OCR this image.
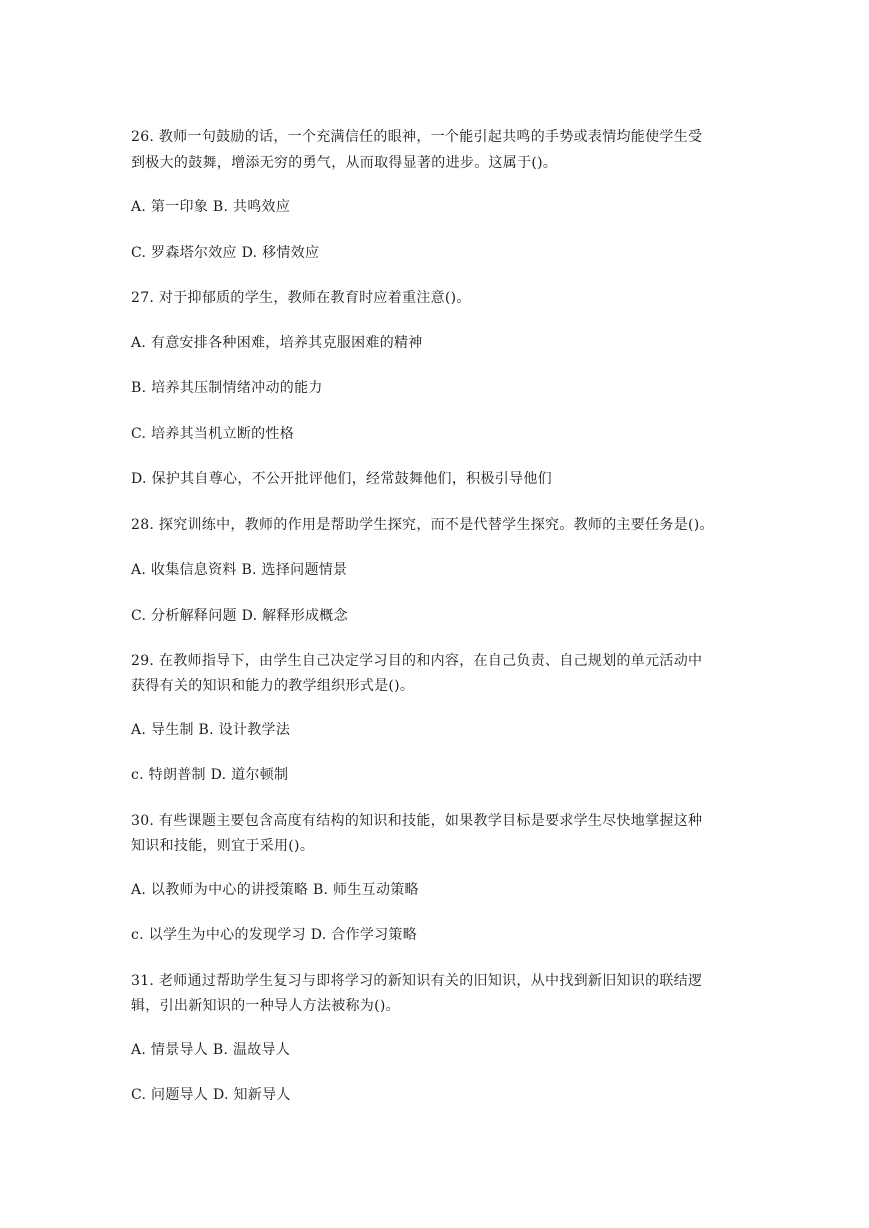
26. 教师一句鼓励的话，一个充满信任的眼神，一个能引起共鸣的手势或表情均能使学生受
到极大的鼓舞，增添无穷的勇气，从而取得显著的进步。这属于()。
A. 第一印象 B. 共鸣效应
C. 罗森塔尔效应 D. 移情效应
27. 对于抑郁质的学生，教师在教育时应着重注意()。
A. 有意安排各种困难，培养其克服困难的精神
B. 培养其压制情绪冲动的能力
C. 培养其当机立断的性格
D. 保护其自尊心，不公开批评他们，经常鼓舞他们，积极引导他们
28. 探究训练中，教师的作用是帮助学生探究，而不是代替学生探究。教师的主要任务是()。
A. 收集信息资料 B. 选择问题情景
C. 分析解释问题 D. 解释形成概念
29. 在教师指导下，由学生自己决定学习目的和内容，在自己负责、自己规划的单元活动中
获得有关的知识和能力的教学组织形式是()。
A. 导生制 B. 设计教学法
c. 特朗普制 D. 道尔顿制
30. 有些课题主要包含高度有结构的知识和技能，如果教学目标是要求学生尽快地掌握这种
知识和技能，则宜于采用()。
A. 以教师为中心的讲授策略 B. 师生互动策略
c. 以学生为中心的发现学习 D. 合作学习策略
31. 老师通过帮助学生复习与即将学习的新知识有关的旧知识，从中找到新旧知识的联结逻
辑，引出新知识的一种导人方法被称为()。
A. 情景导人 B. 温故导人
C. 问题导人 D. 知新导人
